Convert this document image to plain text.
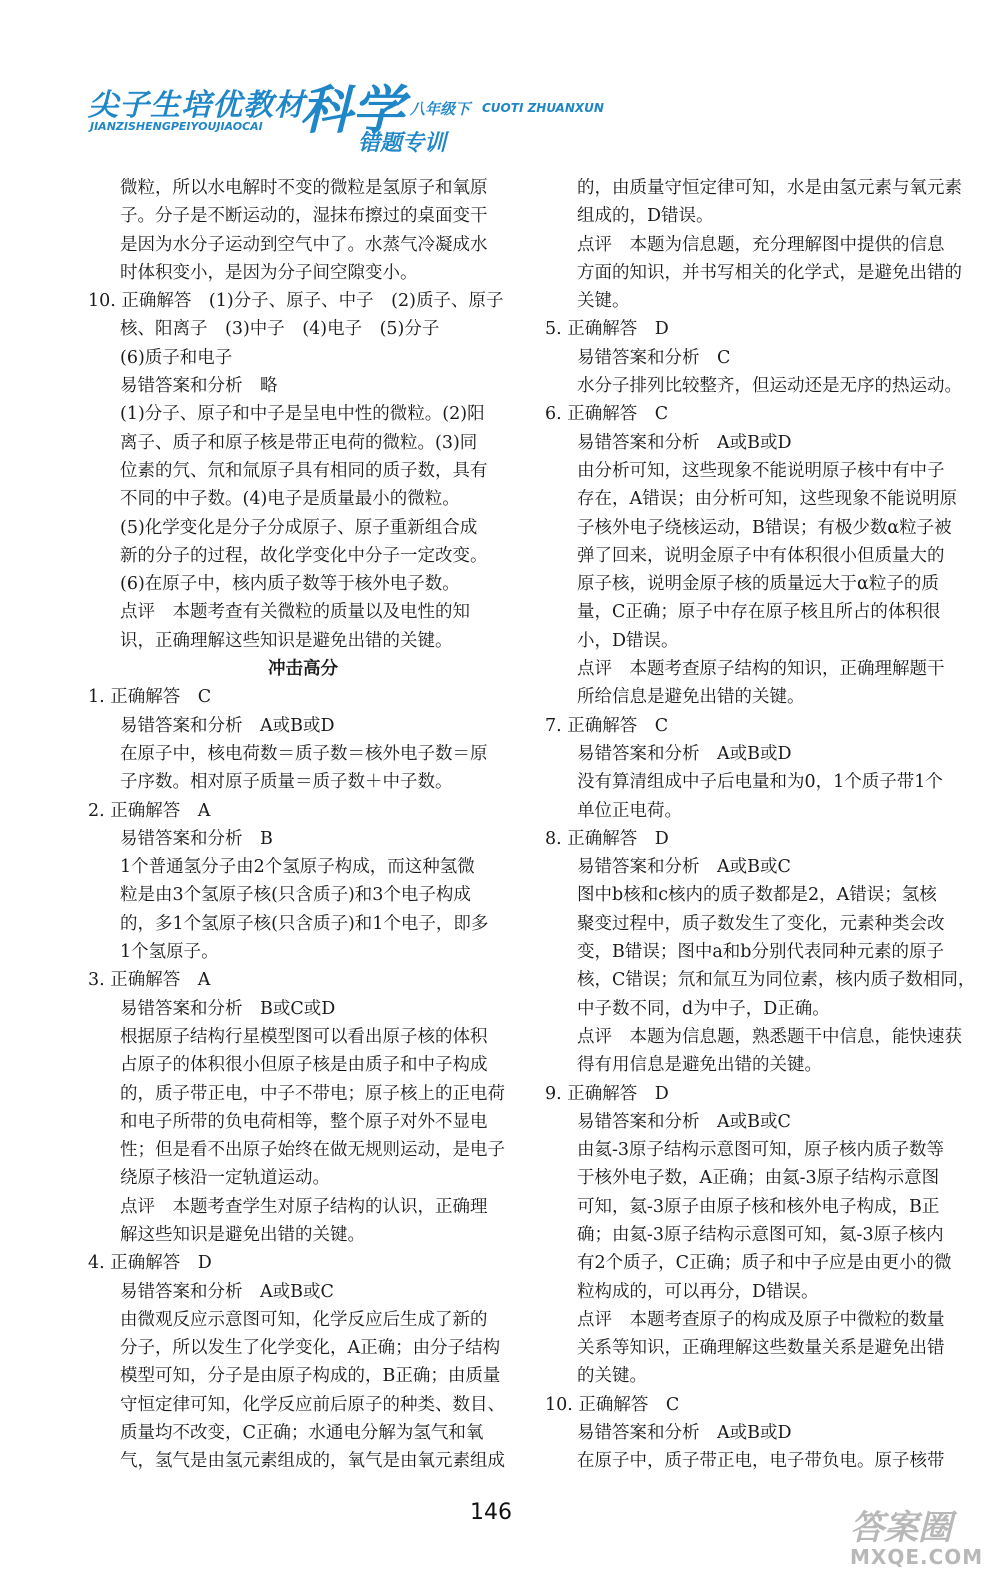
尖子生培优教材
JIANZISHENGPEIYOUJIAOCAI 科学 八年级下 CUOTI ZHUANXUN
错题专训
微粒，所以水电解时不变的微粒是氢原子和氧原
子。分子是不断运动的，湿抹布擦过的桌面变干
是因为水分子运动到空气中了。水蒸气冷凝成水
时体积变小，是因为分子间空隙变小。
10. 正确解答　(1)分子、原子、中子　(2)质子、原子
核、阳离子　(3)中子　(4)电子　(5)分子
(6)质子和电子
易错答案和分析　略
(1)分子、原子和中子是呈电中性的微粒。(2)阳
离子、质子和原子核是带正电荷的微粒。(3)同
位素的氕、氘和氚原子具有相同的质子数，具有
不同的中子数。(4)电子是质量最小的微粒。
(5)化学变化是分子分成原子、原子重新组合成
新的分子的过程，故化学变化中分子一定改变。
(6)在原子中，核内质子数等于核外电子数。
点评　本题考查有关微粒的质量以及电性的知
识，正确理解这些知识是避免出错的关键。
冲击高分
1. 正确解答　C
易错答案和分析　A或B或D
在原子中，核电荷数＝质子数＝核外电子数＝原
子序数。相对原子质量＝质子数＋中子数。
2. 正确解答　A
易错答案和分析　B
1个普通氢分子由2个氢原子构成，而这种氢微
粒是由3个氢原子核(只含质子)和3个电子构成
的，多1个氢原子核(只含质子)和1个电子，即多
1个氢原子。
3. 正确解答　A
易错答案和分析　B或C或D
根据原子结构行星模型图可以看出原子核的体积
占原子的体积很小但原子核是由质子和中子构成
的，质子带正电，中子不带电；原子核上的正电荷
和电子所带的负电荷相等，整个原子对外不显电
性；但是看不出原子始终在做无规则运动，是电子
绕原子核沿一定轨道运动。
点评　本题考查学生对原子结构的认识，正确理
解这些知识是避免出错的关键。
4. 正确解答　D
易错答案和分析　A或B或C
由微观反应示意图可知，化学反应后生成了新的
分子，所以发生了化学变化，A正确；由分子结构
模型可知，分子是由原子构成的，B正确；由质量
守恒定律可知，化学反应前后原子的种类、数目、
质量均不改变，C正确；水通电分解为氢气和氧
气，氢气是由氢元素组成的，氧气是由氧元素组成
的，由质量守恒定律可知，水是由氢元素与氧元素
组成的，D错误。
点评　本题为信息题，充分理解图中提供的信息
方面的知识，并书写相关的化学式，是避免出错的
关键。
5. 正确解答　D
易错答案和分析　C
水分子排列比较整齐，但运动还是无序的热运动。
6. 正确解答　C
易错答案和分析　A或B或D
由分析可知，这些现象不能说明原子核中有中子
存在，A错误；由分析可知，这些现象不能说明原
子核外电子绕核运动，B错误；有极少数α粒子被
弹了回来，说明金原子中有体积很小但质量大的
原子核，说明金原子核的质量远大于α粒子的质
量，C正确；原子中存在原子核且所占的体积很
小，D错误。
点评　本题考查原子结构的知识，正确理解题干
所给信息是避免出错的关键。
7. 正确解答　C
易错答案和分析　A或B或D
没有算清组成中子后电量和为0，1个质子带1个
单位正电荷。
8. 正确解答　D
易错答案和分析　A或B或C
图中b核和c核内的质子数都是2，A错误；氢核
聚变过程中，质子数发生了变化，元素种类会改
变，B错误；图中a和b分别代表同种元素的原子
核，C错误；氘和氚互为同位素，核内质子数相同，
中子数不同，d为中子，D正确。
点评　本题为信息题，熟悉题干中信息，能快速获
得有用信息是避免出错的关键。
9. 正确解答　D
易错答案和分析　A或B或C
由氦-3原子结构示意图可知，原子核内质子数等
于核外电子数，A正确；由氦-3原子结构示意图
可知，氦-3原子由原子核和核外电子构成，B正
确；由氦-3原子结构示意图可知，氦-3原子核内
有2个质子，C正确；质子和中子应是由更小的微
粒构成的，可以再分，D错误。
点评　本题考查原子的构成及原子中微粒的数量
关系等知识，正确理解这些数量关系是避免出错
的关键。
10. 正确解答　C
易错答案和分析　A或B或D
在原子中，质子带正电，电子带负电。原子核带
146	答案圈
MXQE.COM
